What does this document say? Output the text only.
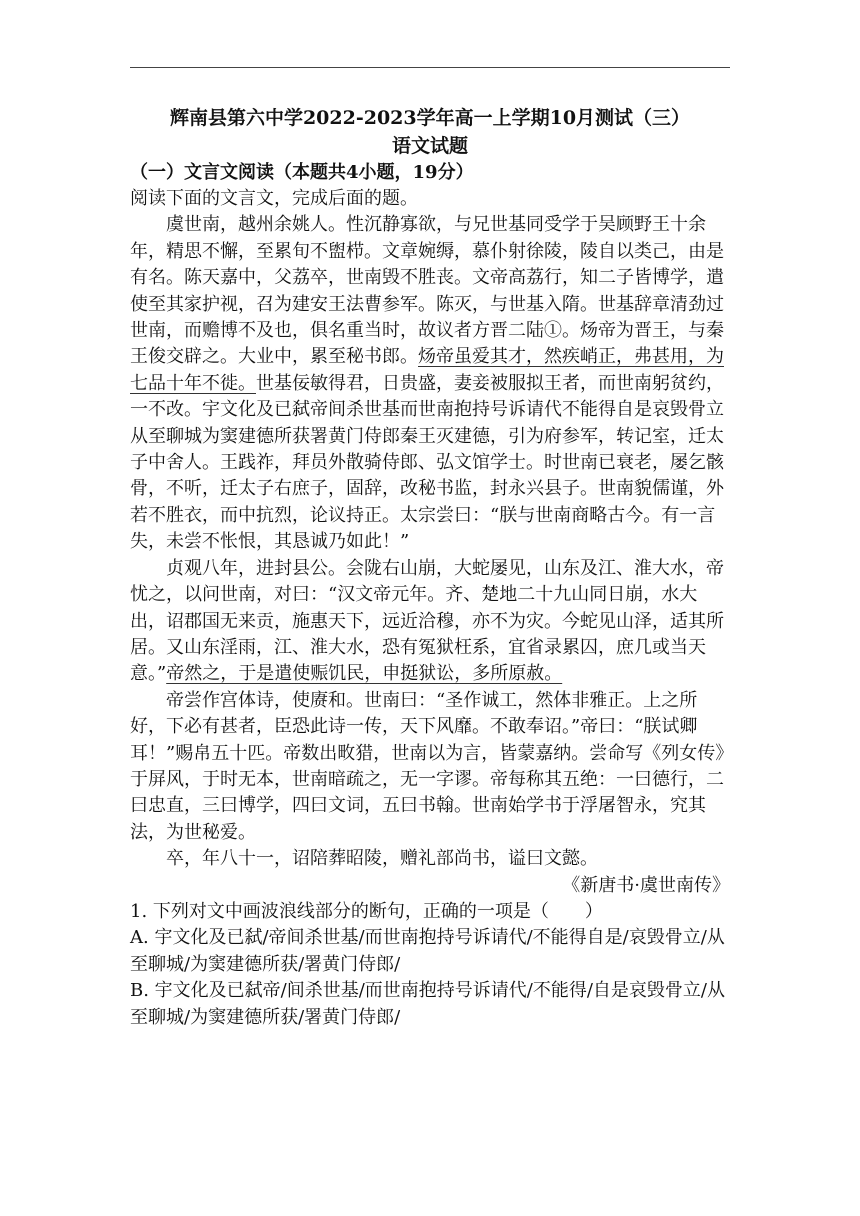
辉南县第六中学2022-2023学年高一上学期10月测试（三）
语文试题
（一）文言文阅读（本题共4小题，19分）

阅读下面的文言文，完成后面的题。

虞世南，越州余姚人。性沉静寡欲，与兄世基同受学于吴顾野王十余年，精思不懈，至累旬不盥栉。文章婉缛，慕仆射徐陵，陵自以类己，由是有名。陈天嘉中，父荔卒，世南毁不胜丧。文帝高荔行，知二子皆博学，遣使至其家护视，召为建安王法曹参军。陈灭，与世基入隋。世基辞章清劲过世南，而赡博不及也，俱名重当时，故议者方晋二陆①。炀帝为晋王，与秦王俊交辟之。大业中，累至秘书郎。炀帝虽爱其才，然疾峭正，弗甚用，为七品十年不徙。世基佞敏得君，日贵盛，妻妾被服拟王者，而世南躬贫约，一不改。宇文化及已弑帝间杀世基而世南抱持号诉请代不能得自是哀毁骨立从至聊城为窦建德所获署黄门侍郎秦王灭建德，引为府参军，转记室，迁太子中舍人。王践祚，拜员外散骑侍郎、弘文馆学士。时世南已衰老，屡乞骸骨，不听，迁太子右庶子，固辞，改秘书监，封永兴县子。世南貌儒谨，外若不胜衣，而中抗烈，论议持正。太宗尝曰：“朕与世南商略古今。有一言失，未尝不怅恨，其恳诚乃如此！”

贞观八年，进封县公。会陇右山崩，大蛇屡见，山东及江、淮大水，帝忧之，以问世南，对曰：“汉文帝元年。齐、楚地二十九山同日崩，水大出，诏郡国无来贡，施惠天下，远近洽穆，亦不为灾。今蛇见山泽，适其所居。又山东淫雨，江、淮大水，恐有冤狱枉系，宜省录累囚，庶几或当天意。”帝然之，于是遣使赈饥民，申挺狱讼，多所原赦。

帝尝作宫体诗，使赓和。世南曰：“圣作诚工，然体非雅正。上之所好，下必有甚者，臣恐此诗一传，天下风靡。不敢奉诏。”帝曰：“朕试卿耳！”赐帛五十匹。帝数出畋猎，世南以为言，皆蒙嘉纳。尝命写《列女传》于屏风，于时无本，世南暗疏之，无一字谬。帝每称其五绝：一曰德行，二曰忠直，三曰博学，四曰文词，五曰书翰。世南始学书于浮屠智永，究其法，为世秘爱。

卒，年八十一，诏陪葬昭陵，赠礼部尚书，谥曰文懿。

《新唐书·虞世南传》

1. 下列对文中画波浪线部分的断句，正确的一项是（　　）

A. 宇文化及已弑/帝间杀世基/而世南抱持号诉请代/不能得自是/哀毁骨立/从至聊城/为窦建德所获/署黄门侍郎/

B. 宇文化及已弑帝/间杀世基/而世南抱持号诉请代/不能得/自是哀毁骨立/从至聊城/为窦建德所获/署黄门侍郎/
